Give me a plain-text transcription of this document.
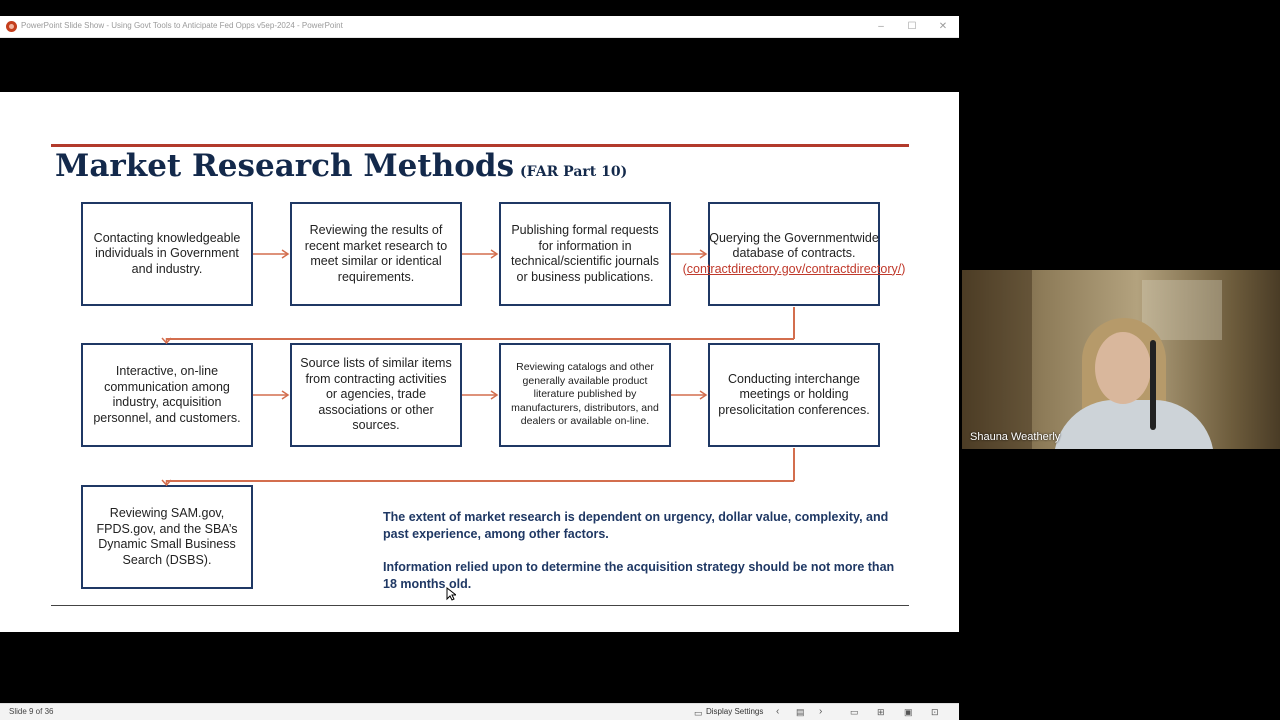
PowerPoint Slide Show - Using Govt Tools to Anticipate Fed Opps v5ep-2024 - PowerPoint	–	☐	✕
Market Research Methods (FAR Part 10)
Contacting knowledgeable individuals in Government and industry.
Reviewing the results of recent market research to meet similar or identical requirements.
Publishing formal requests for information in technical/scientific journals or business publications.
Querying the Governmentwide database of contracts.
(contractdirectory.gov/contractdirectory/)
Interactive, on-line communication among industry, acquisition personnel, and customers.
Source lists of similar items from contracting activities or agencies, trade associations or other sources.
Reviewing catalogs and other generally available product literature published by manufacturers, distributors, and dealers or available on-line.
Conducting interchange meetings or holding presolicitation conferences.
Reviewing SAM.gov, FPDS.gov, and the SBA’s Dynamic Small Business Search (DSBS).
The extent of market research is dependent on urgency, dollar value, complexity, and past experience, among other factors.
Information relied upon to determine the acquisition strategy should be not more than 18 months old.
Slide 9 of 36	▭ Display Settings ‹ ▤ ›	▭ ⊞ ▣ ⊡
Shauna Weatherly
